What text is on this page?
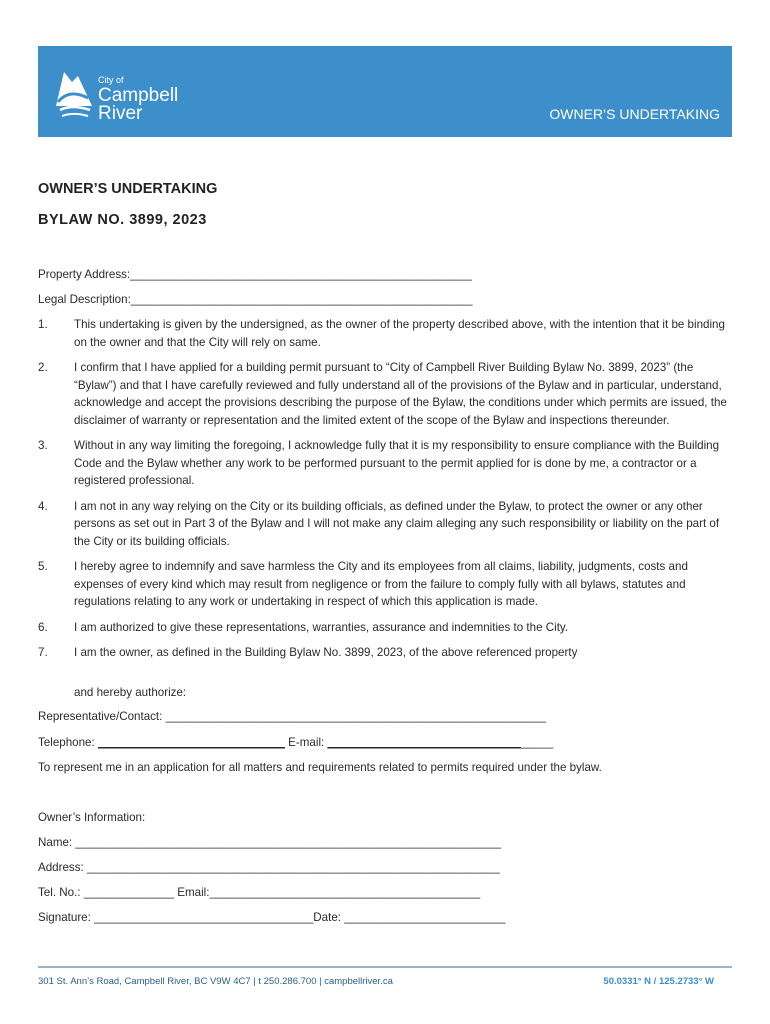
City of
Campbell
River	OWNER’S UNDERTAKING
OWNER’S UNDERTAKING
BYLAW NO. 3899, 2023
Property Address:_____________________________________________________
Legal Description:_____________________________________________________
1. This undertaking is given by the undersigned, as the owner of the property described above, with the intention that it be binding on the owner and that the City will rely on same.
2. I confirm that I have applied for a building permit pursuant to “City of Campbell River Building Bylaw No. 3899, 2023” (the “Bylaw”) and that I have carefully reviewed and fully understand all of the provisions of the Bylaw and in particular, understand, acknowledge and accept the provisions describing the purpose of the Bylaw, the conditions under which permits are issued, the disclaimer of warranty or representation and the limited extent of the scope of the Bylaw and inspections thereunder.
3. Without in any way limiting the foregoing, I acknowledge fully that it is my responsibility to ensure compliance with the Building Code and the Bylaw whether any work to be performed pursuant to the permit applied for is done by me, a contractor or a registered professional.
4. I am not in any way relying on the City or its building officials, as defined under the Bylaw, to protect the owner or any other persons as set out in Part 3 of the Bylaw and I will not make any claim alleging any such responsibility or liability on the part of the City or its building officials.
5. I hereby agree to indemnify and save harmless the City and its employees from all claims, liability, judgments, costs and expenses of every kind which may result from negligence or from the failure to comply fully with all bylaws, statutes and regulations relating to any work or undertaking in respect of which this application is made.
6. I am authorized to give these representations, warranties, assurance and indemnities to the City.
7. I am the owner, as defined in the Building Bylaw No. 3899, 2023, of the above referenced property
and hereby authorize:
Representative/Contact: ___________________________________________________________
Telephone: _____________________________ E-mail: ___________________________________
To represent me in an application for all matters and requirements related to permits required under the bylaw.
Owner’s Information:
Name: __________________________________________________________________
Address: ________________________________________________________________
Tel. No.: ______________ Email:__________________________________________
Signature: __________________________________Date: _________________________
301 St. Ann’s Road, Campbell River, BC V9W 4C7 | t 250.286.700 | campbellriver.ca	50.0331° N / 125.2733° W
